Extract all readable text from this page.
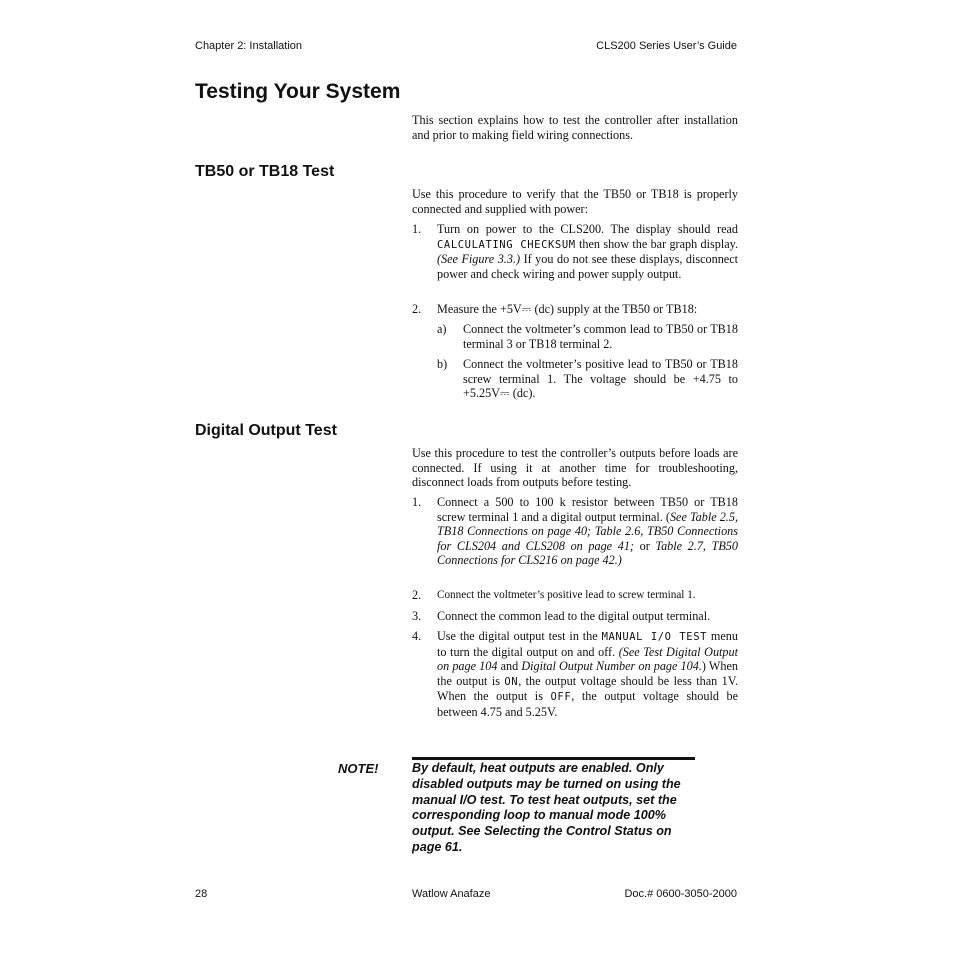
Chapter 2: Installation	CLS200 Series User’s Guide
Testing Your System

This section explains how to test the controller after installation and prior to making field wiring connections.

TB50 or TB18 Test

Use this procedure to verify that the TB50 or TB18 is properly connected and supplied with power:

1. Turn on power to the CLS200. The display should read CALCULATING CHECKSUM then show the bar graph display. (See Figure 3.3.) If you do not see these displays, disconnect power and check wiring and power supply output.
2. Measure the +5V⎓ (dc) supply at the TB50 or TB18:
a) Connect the voltmeter’s common lead to TB50 or TB18 terminal 3 or TB18 terminal 2.
b) Connect the voltmeter’s positive lead to TB50 or TB18 screw terminal 1. The voltage should be +4.75 to +5.25V⎓ (dc).
Digital Output Test

Use this procedure to test the controller’s outputs before loads are connected. If using it at another time for troubleshooting, disconnect loads from outputs before testing.

1. Connect a 500 to 100 k resistor between TB50 or TB18 screw terminal 1 and a digital output terminal. (See Table 2.5, TB18 Connections on page 40; Table 2.6, TB50 Connections for CLS204 and CLS208 on page 41; or Table 2.7, TB50 Connections for CLS216 on page 42.)
2. Connect the voltmeter’s positive lead to screw terminal 1.
3. Connect the common lead to the digital output terminal.
4. Use the digital output test in the MANUAL I/O TEST menu to turn the digital output on and off. (See Test Digital Output on page 104 and Digital Output Number on page 104.) When the output is ON, the output voltage should be less than 1V. When the output is OFF, the output voltage should be between 4.75 and 5.25V.
NOTE!	By default, heat outputs are enabled. Only disabled outputs may be turned on using the manual I/O test. To test heat outputs, set the corresponding loop to manual mode 100% output. See Selecting the Control Status on page 61.

28	Watlow Anafaze	Doc.# 0600-3050-2000
